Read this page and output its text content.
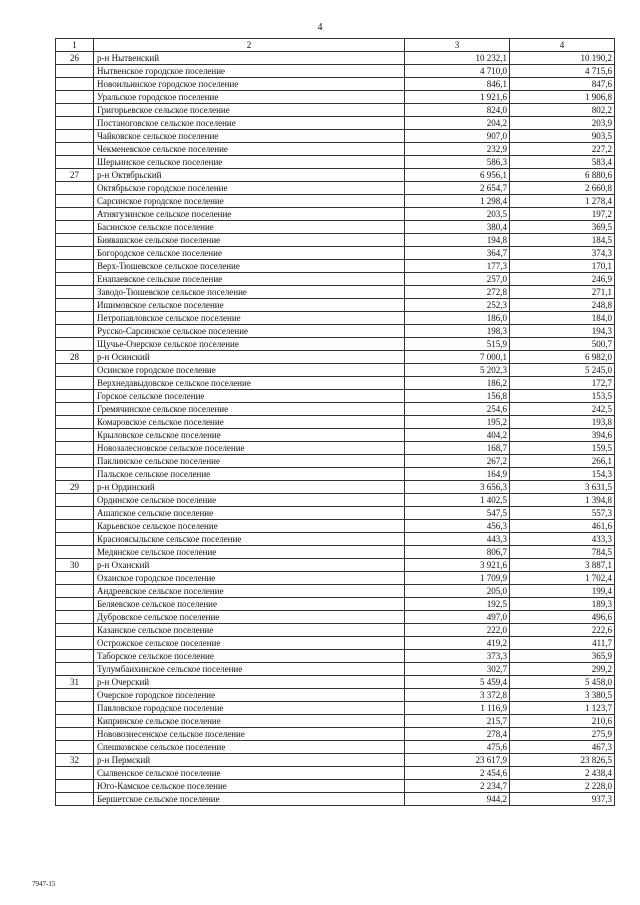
4
1	2	3	4
26	р-н Нытвенский	10 232,1	10 190,2
	Нытвенское городское поселение	4 710,0	4 715,6
	Новоильинское городское поселение	846,1	847,6
	Уральское городское поселение	1 921,6	1 906,8
	Григорьевское сельское поселение	824,0	802,2
	Постаноговское сельское поселение	204,2	203,9
	Чайковское сельское поселение	907,0	903,5
	Чекменевское сельское поселение	232,9	227,2
	Шерьинское сельское поселение	586,3	583,4
27	р-н Октябрьский	6 956,1	6 880,6
	Октябрьское городское поселение	2 654,7	2 660,8
	Сарсинское городское поселение	1 298,4	1 278,4
	Атнягузинское сельское поселение	203,5	197,2
	Басинское сельское поселение	380,4	369,5
	Биявашское сельское поселение	194,8	184,5
	Богородское сельское поселение	364,7	374,3
	Верх-Тюшевское сельское поселение	177,3	170,1
	Енапаевское сельское поселение	257,0	246,9
	Заводо-Тюшевское сельское поселение	272,8	271,1
	Ишимовское сельское поселение	252,3	248,8
	Петропавловское сельское поселение	186,0	184,0
	Русско-Сарсинское сельское поселение	198,3	194,3
	Щучье-Озерское сельское поселение	515,9	500,7
28	р-н Осинский	7 000,1	6 982,0
	Осинское городское поселение	5 202,3	5 245,0
	Верхнедавыдовское сельское поселение	186,2	172,7
	Горское сельское поселение	156,8	153,5
	Гремячинское сельское поселение	254,6	242,5
	Комаровское сельское поселение	195,2	193,8
	Крыловское сельское поселение	404,2	394,6
	Новозалесновское сельское поселение	168,7	159,5
	Паклинское сельское поселение	267,2	266,1
	Пальское сельское поселение	164,9	154,3
29	р-н Ординский	3 656,3	3 631,5
	Ординское сельское поселение	1 402,5	1 394,8
	Ашапское сельское поселение	547,5	557,3
	Карьевское сельское поселение	456,3	461,6
	Красноясыльское сельское поселение	443,3	433,3
	Медянское сельское поселение	806,7	784,5
30	р-н Оханский	3 921,6	3 887,1
	Оханское городское поселение	1 709,9	1 702,4
	Андреевское сельское поселение	205,0	199,4
	Беляевское сельское поселение	192,5	189,3
	Дубровское сельское поселение	497,0	496,6
	Казанское сельское поселение	222,0	222,6
	Острожское сельское поселение	419,2	411,7
	Таборское сельское поселение	373,3	365,9
	Тулумбаихинское сельское поселение	302,7	299,2
31	р-н Очерский	5 459,4	5 458,0
	Очерское городское поселение	3 372,8	3 380,5
	Павловское городское поселение	1 116,9	1 123,7
	Кипринское сельское поселение	215,7	210,6
	Нововознесенское сельское поселение	278,4	275,9
	Спешковское сельское поселение	475,6	467,3
32	р-н Пермский	23 617,9	23 826,5
	Сылвенское сельское поселение	2 454,6	2 438,4
	Юго-Камское сельское поселение	2 234,7	2 228,0
	Бершетское сельское поселение	944,2	937,3
7947-15
